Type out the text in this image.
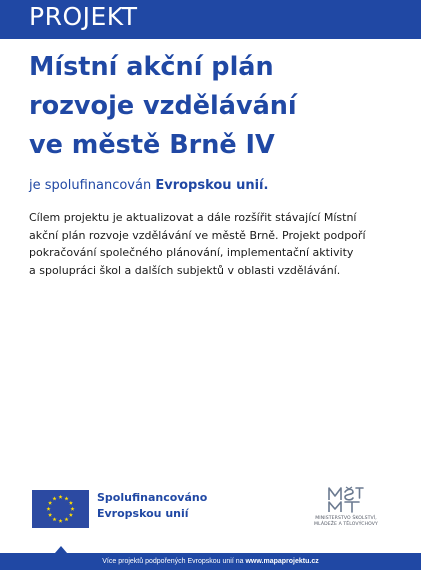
PROJEKT
Místní akční plán
rozvoje vzdělávání
ve městě Brně IV
je spolufinancován Evropskou unií.

Cílem projektu je aktualizovat a dále rozšířit stávající Místní
akční plán rozvoje vzdělávání ve městě Brně. Projekt podpoří
pokračování společného plánování, implementační aktivity
a spolupráci škol a dalších subjektů v oblasti vzdělávání.

Spolufinancováno
Evropskou unií	MINISTERSTVO ŠKOLSTVÍ,
MLÁDEŽE A TĚLOVÝCHOVY
Více projektů podpořených Evropskou unií na www.mapaprojektu.cz
